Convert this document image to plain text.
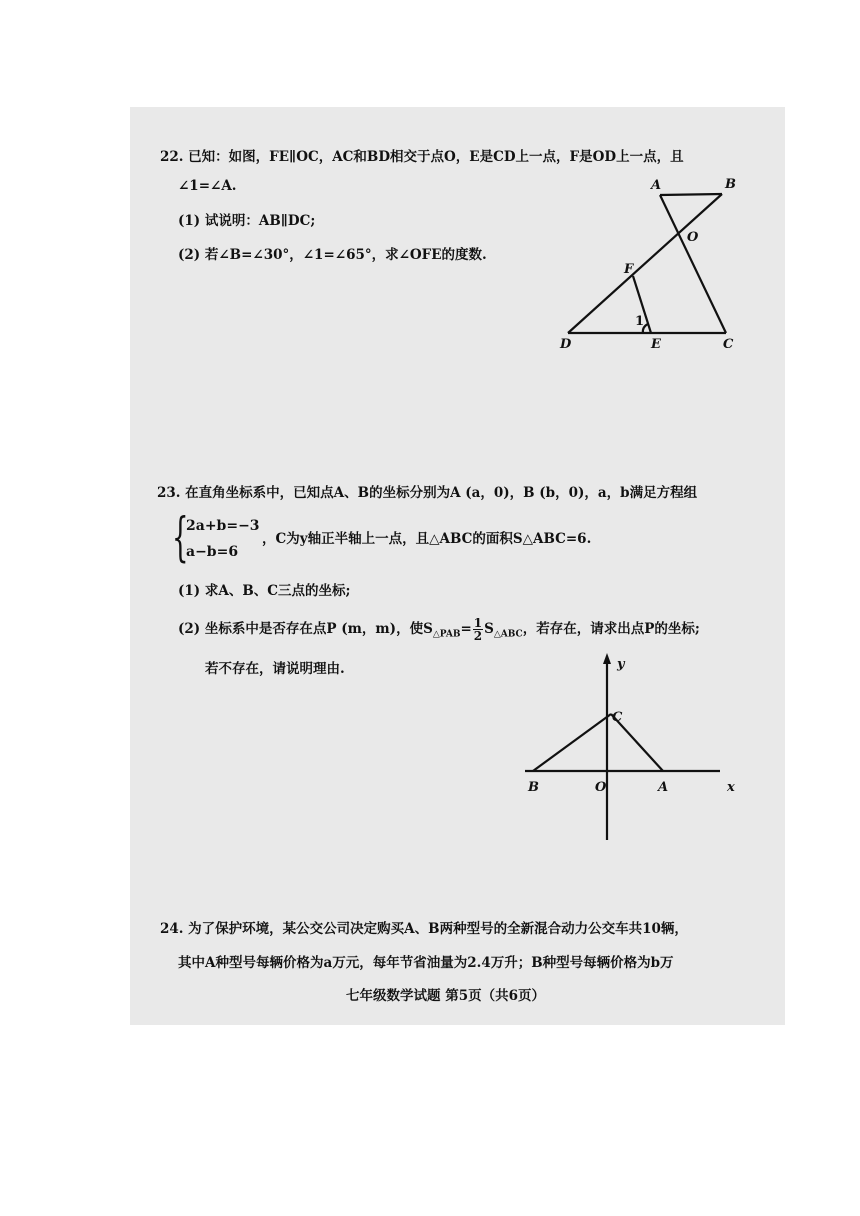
22. 已知：如图，FE∥OC，AC和BD相交于点O，E是CD上一点，F是OD上一点，且
∠1=∠A.
(1) 试说明：AB∥DC;
(2) 若∠B=∠30°，∠1=∠65°，求∠OFE的度数.
A	B
O
F
1
D	E	C
23. 在直角坐标系中，已知点A、B的坐标分别为A (a，0)，B (b，0)，a，b满足方程组
{
2a+b=−3
a−b=6
，C为y轴正半轴上一点，且△ABC的面积S△ABC=6.
(1) 求A、B、C三点的坐标;
(2) 坐标系中是否存在点P (m，m)，使$S_{\triangle PAB}= \frac{1}{2} S_{\triangle ABC}$，若存在，请求出点P的坐标;
若不存在，请说明理由.	y
C
B	O	A	x
24. 为了保护环境，某公交公司决定购买A、B两种型号的全新混合动力公交车共10辆，
其中A种型号每辆价格为a万元，每年节省油量为2.4万升；B种型号每辆价格为b万
七年级数学试题 第5页（共6页）
